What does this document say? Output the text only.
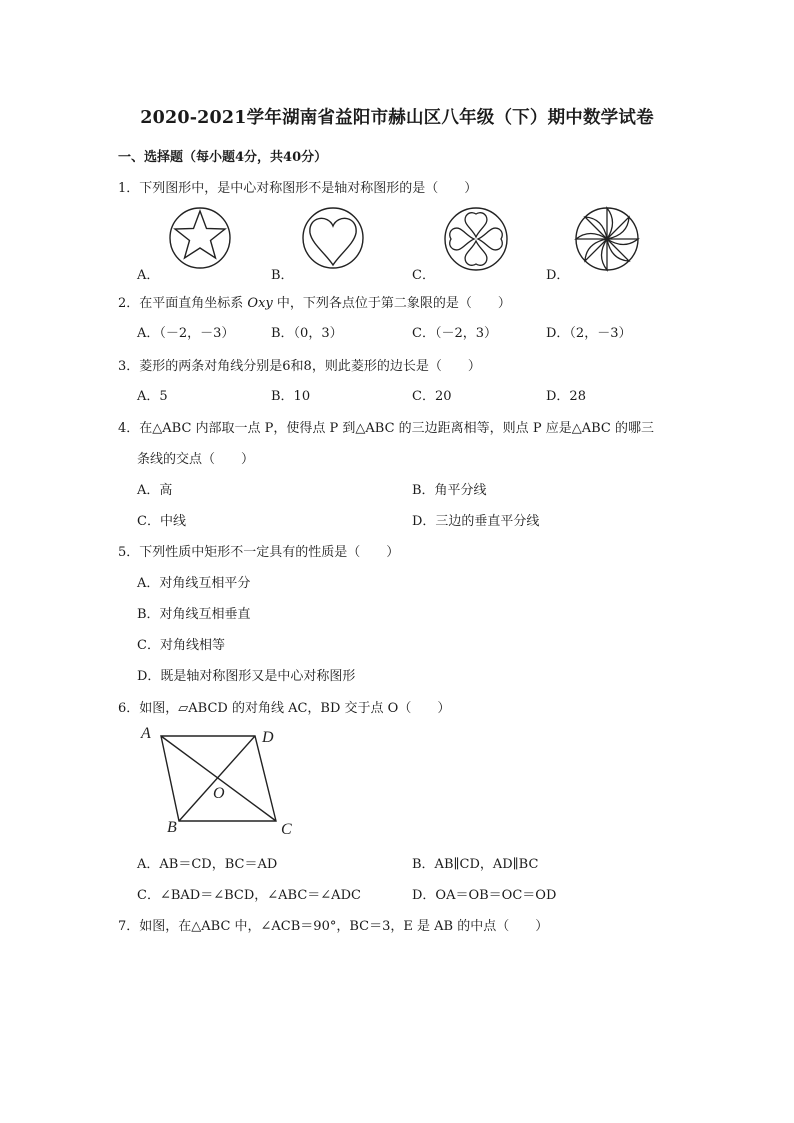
2020-2021学年湖南省益阳市赫山区八年级（下）期中数学试卷
一、选择题（每小题4分，共40分）
1．下列图形中，是中心对称图形不是轴对称图形的是（　　）
A．	B．	C．	D．
2．在平面直角坐标系 Oxy 中，下列各点位于第二象限的是（　　）
A．（－2，－3）	B．（0，3）	C．（－2，3）	D．（2，－3）
3．菱形的两条对角线分别是6和8，则此菱形的边长是（　　）
A．5	B．10	C．20	D．28
4．在△ABC 内部取一点 P，使得点 P 到△ABC 的三边距离相等，则点 P 应是△ABC 的哪三
条线的交点（　　）
A．高	B．角平分线
C．中线	D．三边的垂直平分线
5．下列性质中矩形不一定具有的性质是（　　）
A．对角线互相平分
B．对角线互相垂直
C．对角线相等
D．既是轴对称图形又是中心对称图形
6．如图，▱ABCD 的对角线 AC，BD 交于点 O（　　）
A	D
O
B	C
A．AB＝CD，BC＝AD	B．AB∥CD，AD∥BC
C．∠BAD＝∠BCD，∠ABC＝∠ADC	D．OA＝OB＝OC＝OD
7．如图，在△ABC 中，∠ACB＝90°，BC＝3，E 是 AB 的中点（　　）
